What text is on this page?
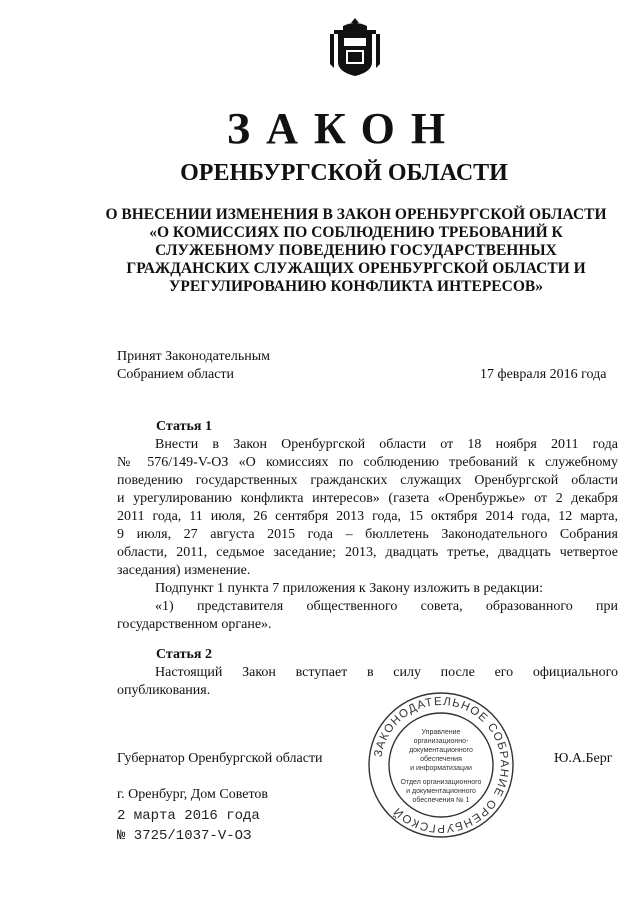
ЗАКОН
ОРЕНБУРГСКОЙ ОБЛАСТИ
О ВНЕСЕНИИ ИЗМЕНЕНИЯ В ЗАКОН ОРЕНБУРГСКОЙ ОБЛАСТИ
«О КОМИССИЯХ ПО СОБЛЮДЕНИЮ ТРЕБОВАНИЙ К
СЛУЖЕБНОМУ ПОВЕДЕНИЮ ГОСУДАРСТВЕННЫХ
ГРАЖДАНСКИХ СЛУЖАЩИХ ОРЕНБУРГСКОЙ ОБЛАСТИ И
УРЕГУЛИРОВАНИЮ КОНФЛИКТА ИНТЕРЕСОВ»
Принят Законодательным
Собранием области	17 февраля 2016 года
Статья 1
Внести в Закон Оренбургской области от 18 ноября 2011 года
№ 576/149-V-ОЗ «О комиссиях по соблюдению требований к служебному
поведению государственных гражданских служащих Оренбургской области
и урегулированию конфликта интересов» (газета «Оренбуржье» от 2 декабря
2011 года, 11 июля, 26 сентября 2013 года, 15 октября 2014 года, 12 марта,
9 июля, 27 августа 2015 года – бюллетень Законодательного Собрания
области, 2011, седьмое заседание; 2013, двадцать третье, двадцать четвертое
заседания) изменение.
Подпункт 1 пункта 7 приложения к Закону изложить в редакции:
«1) представителя общественного совета, образованного при
государственном органе».
Статья 2
Настоящий Закон вступает в силу после его официального
опубликования.
Губернатор Оренбургской области	Ю.А.Берг
г. Оренбург, Дом Советов
2 марта 2016 года
№ 3725/1037-V-ОЗ
ЗАКОНОДАТЕЛЬНОЕ СОБРАНИЕ ОРЕНБУРГСКОЙ
Управление
организационно-
документационного
обеспечения
и информатизации
Отдел организационного
и документационного
обеспечения № 1
